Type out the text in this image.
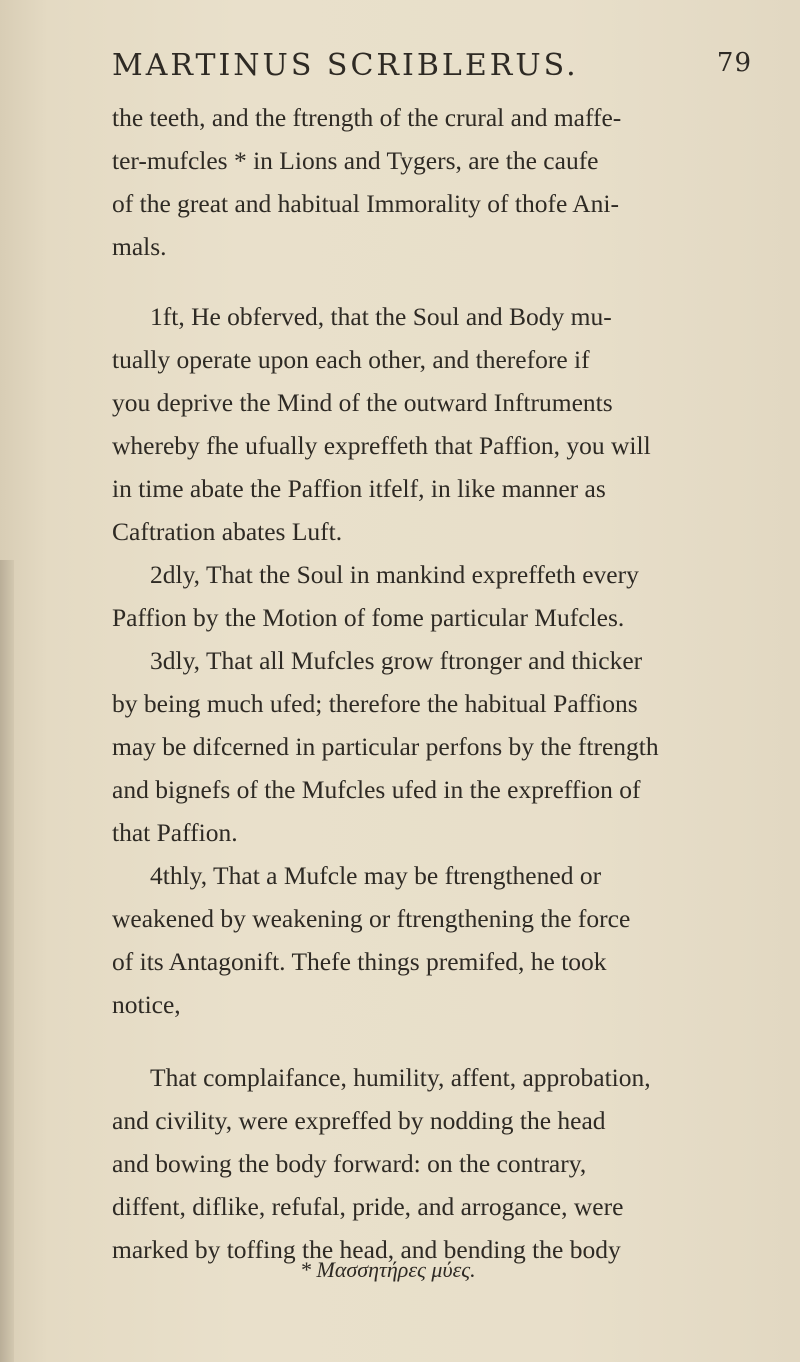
MARTINUS SCRIBLERUS.	79
the teeth, and the ftrength of the crural and maffe-
ter-mufcles * in Lions and Tygers, are the caufe
of the great and habitual Immorality of thofe Ani-
mals.
1ft, He obferved, that the Soul and Body mu-
tually operate upon each other, and therefore if
you deprive the Mind of the outward Inftruments
whereby fhe ufually expreffeth that Paffion, you will
in time abate the Paffion itfelf, in like manner as
Caftration abates Luft.
2dly, That the Soul in mankind expreffeth every
Paffion by the Motion of fome particular Mufcles.
3dly, That all Mufcles grow ftronger and thicker
by being much ufed; therefore the habitual Paffions
may be difcerned in particular perfons by the ftrength
and bignefs of the Mufcles ufed in the expreffion of
that Paffion.
4thly, That a Mufcle may be ftrengthened or
weakened by weakening or ftrengthening the force
of its Antagonift. Thefe things premifed, he took
notice,
That complaifance, humility, affent, approbation,
and civility, were expreffed by nodding the head
and bowing the body forward: on the contrary,
diffent, diflike, refufal, pride, and arrogance, were
marked by toffing the head, and bending the body
* Μασσητήρες μύες.
